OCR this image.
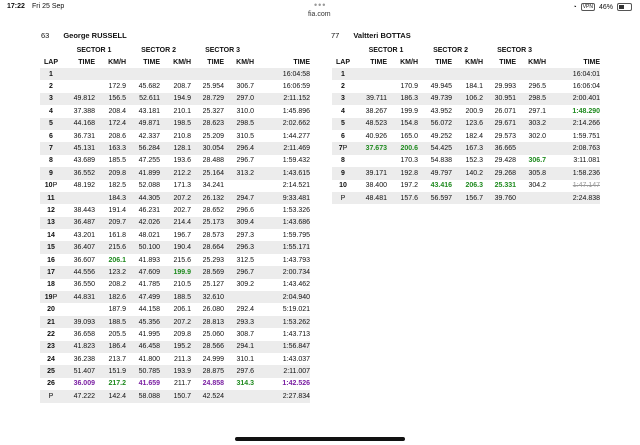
17:22 Fri 25 Sep	•••
fia.com
◔	VPN 46%
63 George RUSSELL	77 Valtteri BOTTAS
	SECTOR 1		SECTOR 2		SECTOR 3		
LAP	TIME	KM/H	TIME	KM/H	TIME	KM/H	TIME
1							16:04:58
2		172.9	45.682	208.7	25.954	306.7	16:06:59
3	49.812	156.5	52.611	194.9	28.729	297.0	2:11.152
4	37.388	208.4	43.181	210.1	25.327	310.0	1:45.896
5	44.168	172.4	49.871	198.5	28.623	298.5	2:02.662
6	36.731	208.6	42.337	210.8	25.209	310.5	1:44.277
7	45.131	163.3	56.284	128.1	30.054	296.4	2:11.469
8	43.689	185.5	47.255	193.6	28.488	296.7	1:59.432
9	36.552	209.8	41.899	212.2	25.164	313.2	1:43.615
10P	48.192	182.5	52.088	171.3	34.241		2:14.521
11		184.3	44.305	207.2	26.132	294.7	9:33.481
12	38.443	191.4	46.231	202.7	28.652	296.6	1:53.326
13	36.487	209.7	42.026	214.4	25.173	309.4	1:43.686
14	43.201	161.8	48.021	196.7	28.573	297.3	1:59.795
15	36.407	215.6	50.100	190.4	28.664	296.3	1:55.171
16	36.607	206.1	41.893	215.6	25.293	312.5	1:43.793
17	44.556	123.2	47.609	199.9	28.569	296.7	2:00.734
18	36.550	208.2	41.785	210.5	25.127	309.2	1:43.462
19P	44.831	182.6	47.499	188.5	32.610		2:04.940
20		187.9	44.158	206.1	26.080	292.4	5:19.021
21	39.093	188.5	45.356	207.2	28.813	293.3	1:53.262
22	36.658	205.5	41.995	209.8	25.060	308.7	1:43.713
23	41.823	186.4	46.458	195.2	28.566	294.1	1:56.847
24	36.238	213.7	41.800	211.3	24.999	310.1	1:43.037
25	51.407	151.9	50.785	193.9	28.875	297.6	2:11.007
26	36.009	217.2	41.659	211.7	24.858	314.3	1:42.526
P	47.222	142.4	58.088	150.7	42.524		2:27.834
	SECTOR 1		SECTOR 2		SECTOR 3		
LAP	TIME	KM/H	TIME	KM/H	TIME	KM/H	TIME
1							16:04:01
2		170.9	49.945	184.1	29.993	296.5	16:06:04
3	39.711	186.3	49.739	106.2	30.951	298.5	2:00.401
4	38.267	199.9	43.952	200.9	26.071	297.1	1:48.290
5	48.523	154.8	56.072	123.6	29.671	303.2	2:14.266
6	40.926	165.0	49.252	182.4	29.573	302.0	1:59.751
7P	37.673	200.6	54.425	167.3	36.665		2:08.763
8		170.3	54.838	152.3	29.428	306.7	3:11.081
9	39.171	192.8	49.797	140.2	29.268	305.8	1:58.236
10	38.400	197.2	43.416	206.3	25.331	304.2	1:47.147
P	48.481	157.6	56.597	156.7	39.760		2:24.838
